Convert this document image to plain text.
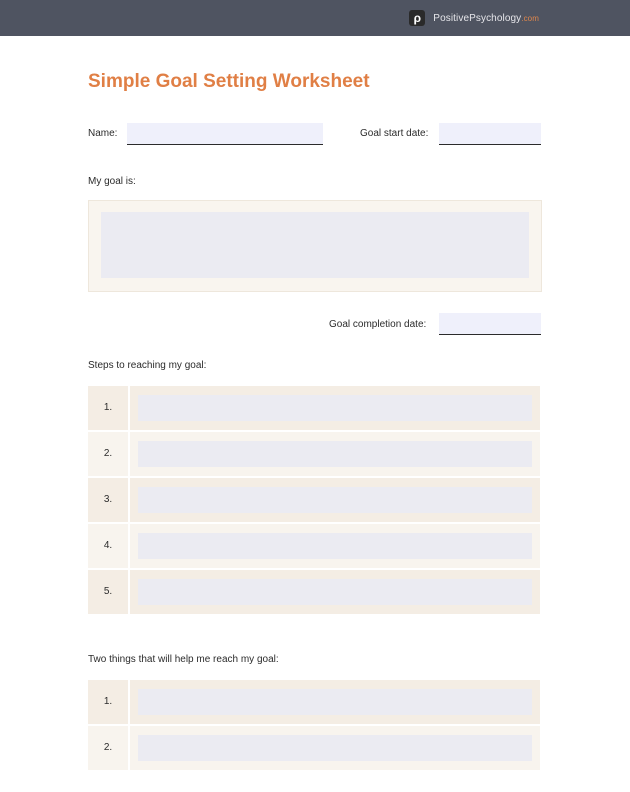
ρ	PositivePsychology.com
Simple Goal Setting Worksheet
Name:	Goal start date:
My goal is:
Goal completion date:
Steps to reaching my goal:
1.
2.
3.
4.
5.
Two things that will help me reach my goal:
1.
2.
